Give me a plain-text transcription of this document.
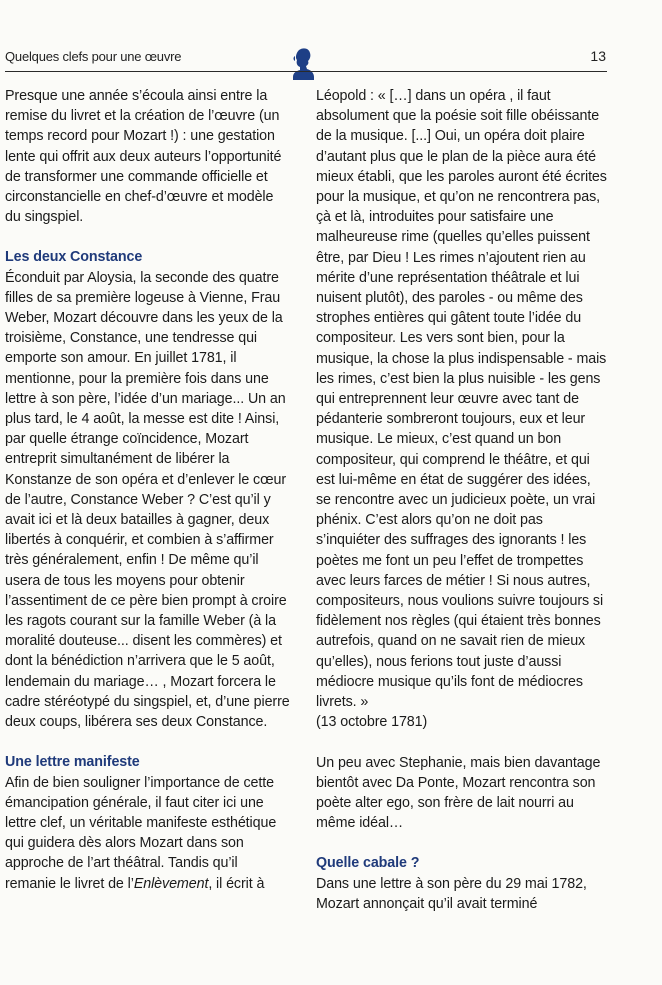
Quelques clefs pour une œuvre	13

Presque une année s’écoula ainsi entre la remise du livret et la création de l’œuvre (un temps record pour Mozart !) : une gestation lente qui offrit aux deux auteurs l’opportunité de transformer une commande officielle et circonstancielle en chef-d’œuvre et modèle du singspiel.

Les deux Constance

Éconduit par Aloysia, la seconde des quatre filles de sa première logeuse à Vienne, Frau Weber, Mozart découvre dans les yeux de la troisième, Constance, une tendresse qui emporte son amour. En juillet 1781, il mentionne, pour la première fois dans une lettre à son père, l’idée d’un mariage... Un an plus tard, le 4 août, la messe est dite ! Ainsi, par quelle étrange coïncidence, Mozart entreprit simultanément de libérer la Konstanze de son opéra et d’enlever le cœur de l’autre, Constance Weber ? C’est qu’il y avait ici et là deux batailles à gagner, deux libertés à conquérir, et combien à s’affirmer très généralement, enfin ! De même qu’il usera de tous les moyens pour obtenir l’assentiment de ce père bien prompt à croire les ragots courant sur la famille Weber (à la moralité douteuse... disent les commères) et dont la bénédiction n’arrivera que le 5 août, lendemain du mariage… , Mozart forcera le cadre stéréotypé du singspiel, et, d’une pierre deux coups, libérera ses deux Constance.

Une lettre manifeste

Afin de bien souligner l’importance de cette émancipation générale, il faut citer ici une lettre clef, un véritable manifeste esthétique qui guidera dès alors Mozart dans son approche de l’art théâtral. Tandis qu’il remanie le livret de l’Enlèvement, il écrit à

Léopold : « […] dans un opéra , il faut absolument que la poésie soit fille obéissante de la musique. [...] Oui, un opéra doit plaire d’autant plus que le plan de la pièce aura été mieux établi, que les paroles auront été écrites pour la musique, et qu’on ne rencontrera pas, çà et là, introduites pour satisfaire une malheureuse rime (quelles qu’elles puissent être, par Dieu ! Les rimes n’ajoutent rien au mérite d’une représentation théâtrale et lui nuisent plutôt), des paroles - ou même des strophes entières qui gâtent toute l’idée du compositeur. Les vers sont bien, pour la musique, la chose la plus indispensable - mais les rimes, c’est bien la plus nuisible - les gens qui entreprennent leur œuvre avec tant de pédanterie sombreront toujours, eux et leur musique. Le mieux, c’est quand un bon compositeur, qui comprend le théâtre, et qui est lui-même en état de suggérer des idées, se rencontre avec un judicieux poète, un vrai phénix. C’est alors qu’on ne doit pas s’inquiéter des suffrages des ignorants ! les poètes me font un peu l’effet de trompettes avec leurs farces de métier ! Si nous autres, compositeurs, nous voulions suivre toujours si fidèlement nos règles (qui étaient très bonnes autrefois, quand on ne savait rien de mieux qu’elles), nous ferions tout juste d’aussi médiocre musique qu’ils font de médiocres livrets. »

(13 octobre 1781)

Un peu avec Stephanie, mais bien davantage bientôt avec Da Ponte, Mozart rencontra son poète alter ego, son frère de lait nourri au même idéal…

Quelle cabale ?

Dans une lettre à son père du 29 mai 1782, Mozart annonçait qu’il avait terminé
